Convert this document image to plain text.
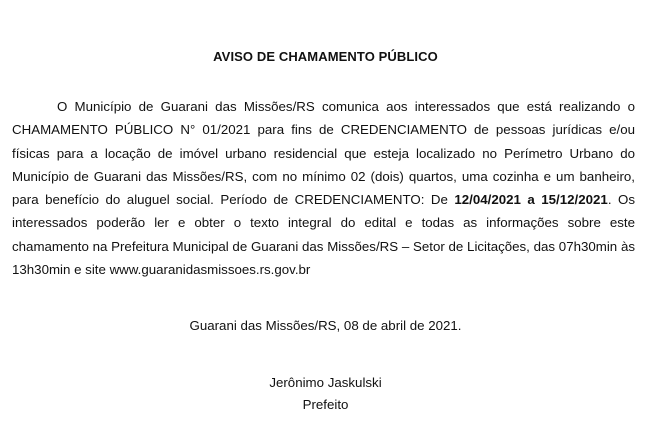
AVISO DE CHAMAMENTO PÚBLICO

O Município de Guarani das Missões/RS comunica aos interessados que está realizando o CHAMAMENTO PÚBLICO N° 01/2021 para fins de CREDENCIAMENTO de pessoas jurídicas e/ou físicas para a locação de imóvel urbano residencial que esteja localizado no Perímetro Urbano do Município de Guarani das Missões/RS, com no mínimo 02 (dois) quartos, uma cozinha e um banheiro, para benefício do aluguel social. Período de CREDENCIAMENTO: De 12/04/2021 a 15/12/2021. Os interessados poderão ler e obter o texto integral do edital e todas as informações sobre este chamamento na Prefeitura Municipal de Guarani das Missões/RS – Setor de Licitações, das 07h30min às 13h30min e site www.guaranidasmissoes.rs.gov.br

Guarani das Missões/RS, 08 de abril de 2021.
Jerônimo Jaskulski
Prefeito
